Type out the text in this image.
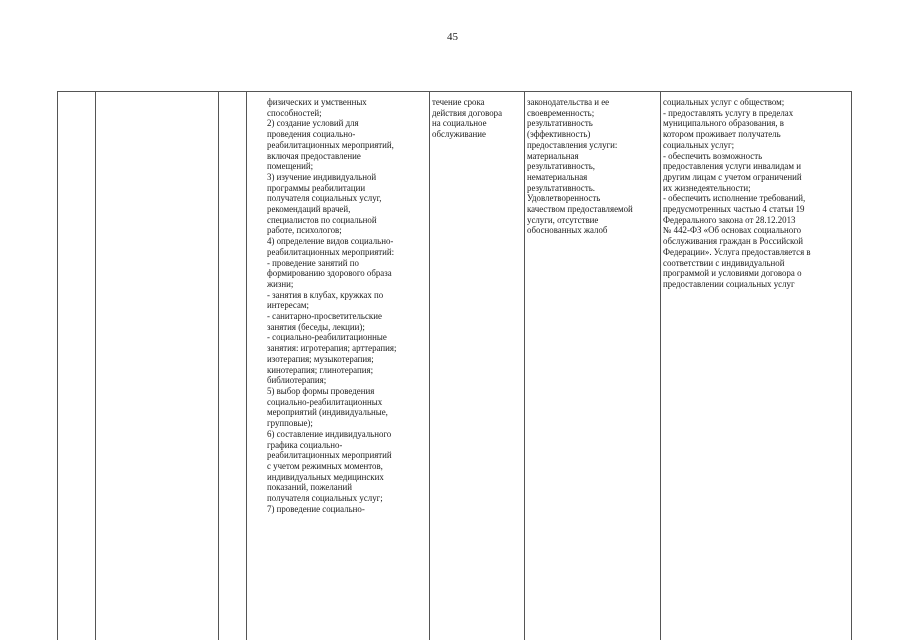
45

физических и умственных
способностей;
2) создание условий для
проведения социально-
реабилитационных мероприятий,
включая предоставление
помещений;
3) изучение индивидуальной
программы реабилитации
получателя социальных услуг,
рекомендаций врачей,
специалистов по социальной
работе, психологов;
4) определение видов социально-
реабилитационных мероприятий:
- проведение занятий по
формированию здорового образа
жизни;
- занятия в клубах, кружках по
интересам;
- санитарно-просветительские
занятия (беседы, лекции);
- социально-реабилитационные
занятия: игротерапия; арттерапия;
изотерапия; музыкотерапия;
кинотерапия; глинотерапия;
библиотерапия;
5) выбор формы проведения
социально-реабилитационных
мероприятий (индивидуальные,
групповые);
6) составление индивидуального
графика социально-
реабилитационных мероприятий
с учетом режимных моментов,
индивидуальных медицинских
показаний, пожеланий
получателя социальных услуг;
7) проведение социально-

течение срока
действия договора
на социальное
обслуживание

законодательства и ее
своевременность;
результативность
(эффективность)
предоставления услуги:
материальная
результативность,
нематериальная
результативность.
Удовлетворенность
качеством предоставляемой
услуги, отсутствие
обоснованных жалоб

социальных услуг с обществом;
- предоставлять услугу в пределах
муниципального образования, в
котором проживает получатель
социальных услуг;
- обеспечить возможность
предоставления услуги инвалидам и
другим лицам с учетом ограничений
их жизнедеятельности;
- обеспечить исполнение требований,
предусмотренных частью 4 статьи 19
Федерального закона от 28.12.2013
№ 442-ФЗ «Об основах социального
обслуживания граждан в Российской
Федерации». Услуга предоставляется в
соответствии с индивидуальной
программой и условиями договора о
предоставлении социальных услуг
